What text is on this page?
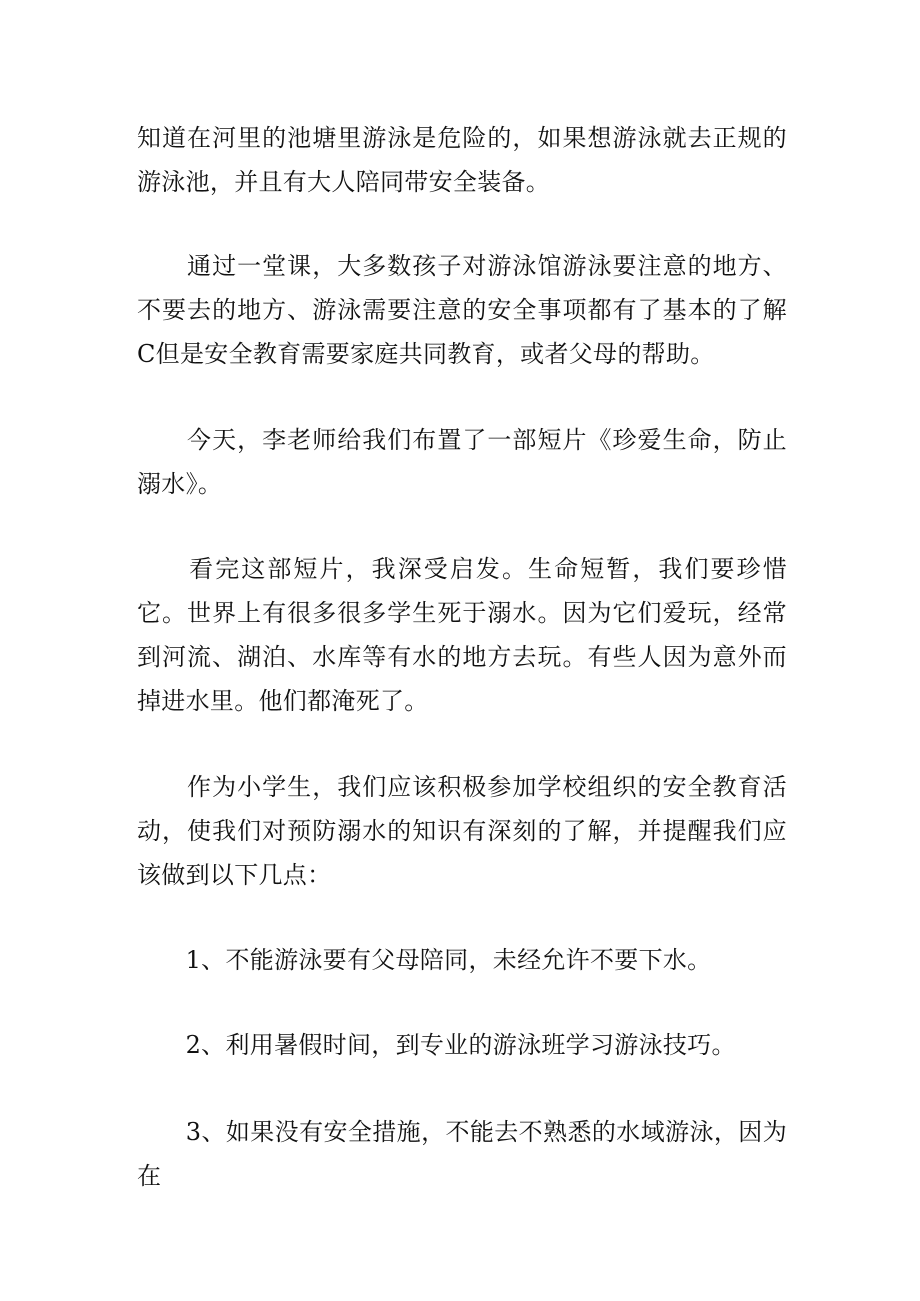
知道在河里的池塘里游泳是危险的，如果想游泳就去正规的游泳池，并且有大人陪同带安全装备。

　　通过一堂课，大多数孩子对游泳馆游泳要注意的地方、不要去的地方、游泳需要注意的安全事项都有了基本的了解C但是安全教育需要家庭共同教育，或者父母的帮助。

　　今天，李老师给我们布置了一部短片《珍爱生命，防止溺水》。

　　看完这部短片，我深受启发。生命短暂，我们要珍惜它。世界上有很多很多学生死于溺水。因为它们爱玩，经常到河流、湖泊、水库等有水的地方去玩。有些人因为意外而掉进水里。他们都淹死了。

　　作为小学生，我们应该积极参加学校组织的安全教育活动，使我们对预防溺水的知识有深刻的了解，并提醒我们应该做到以下几点：

　　1、不能游泳要有父母陪同，未经允许不要下水。

　　2、利用暑假时间，到专业的游泳班学习游泳技巧。

　　3、如果没有安全措施，不能去不熟悉的水域游泳，因为在
